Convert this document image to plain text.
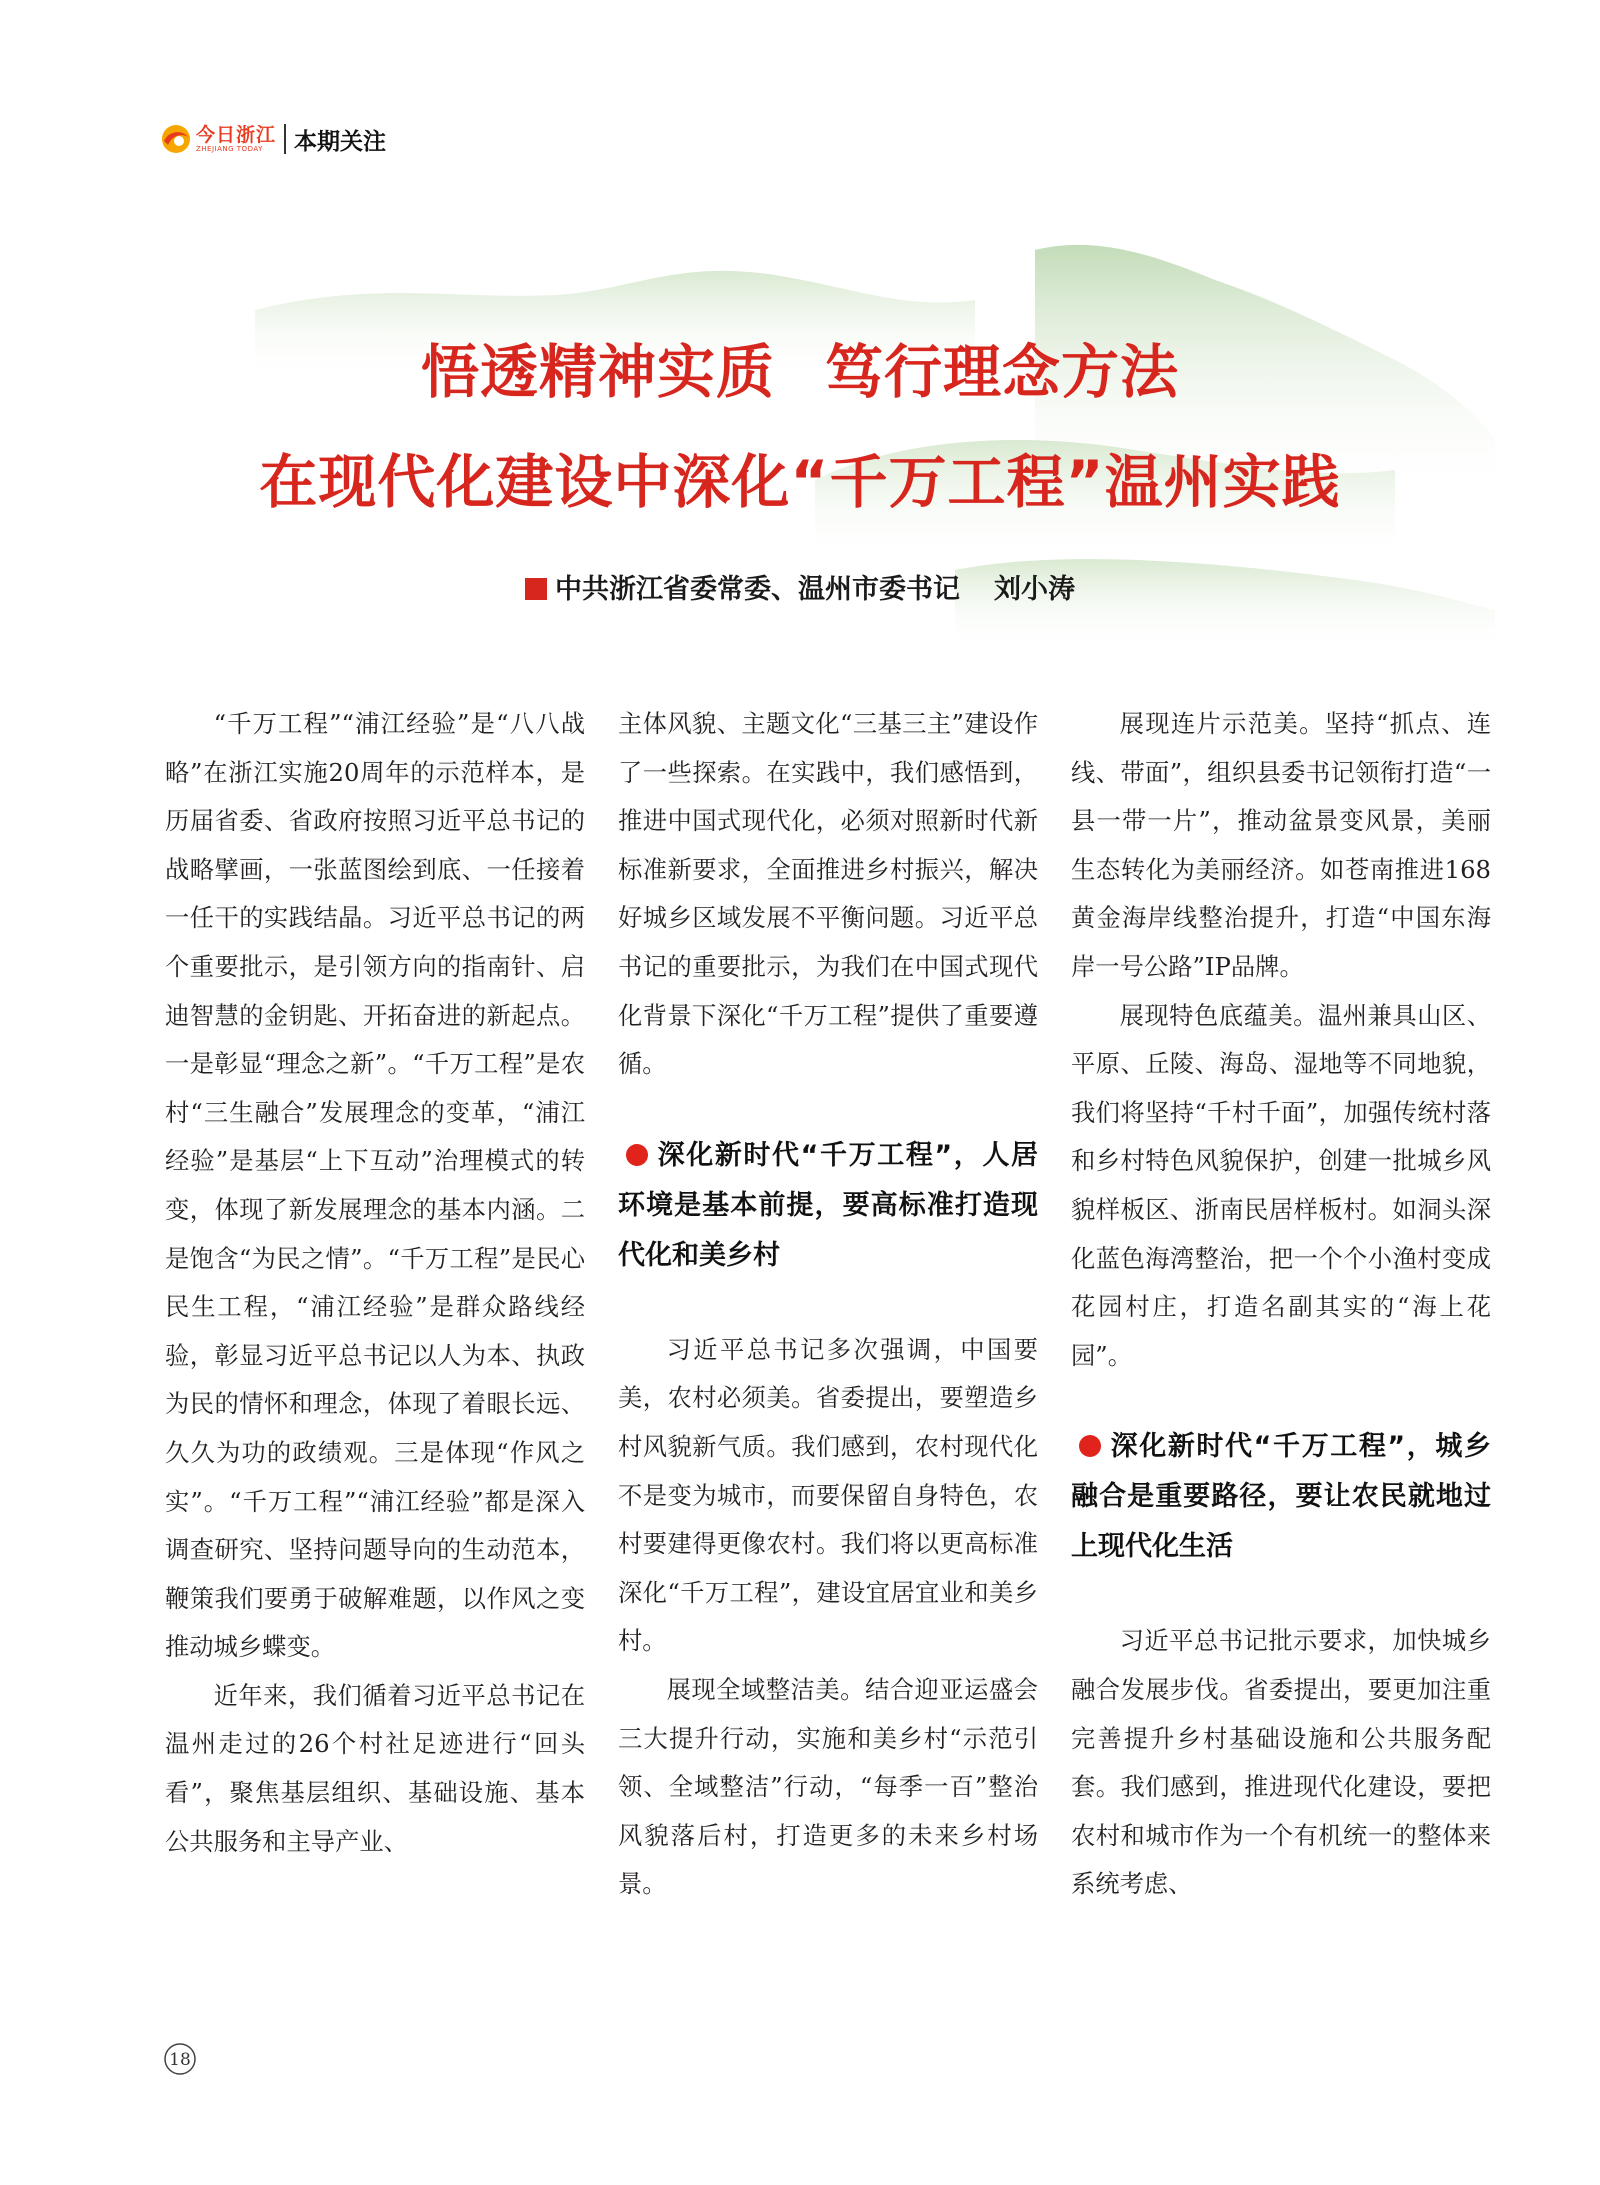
今日浙江
ZHEJIANG TODAY	本期关注
悟透精神实质 笃行理念方法
在现代化建设中深化“千万工程”温州实践
中共浙江省委常委、温州市委书记 刘小涛

“千万工程”“浦江经验”是“八八战略”在浙江实施20周年的示范样本，是历届省委、省政府按照习近平总书记的战略擘画，一张蓝图绘到底、一任接着一任干的实践结晶。习近平总书记的两个重要批示，是引领方向的指南针、启迪智慧的金钥匙、开拓奋进的新起点。一是彰显“理念之新”。“千万工程”是农村“三生融合”发展理念的变革，“浦江经验”是基层“上下互动”治理模式的转变，体现了新发展理念的基本内涵。二是饱含“为民之情”。“千万工程”是民心民生工程，“浦江经验”是群众路线经验，彰显习近平总书记以人为本、执政为民的情怀和理念，体现了着眼长远、久久为功的政绩观。三是体现“作风之实”。“千万工程”“浦江经验”都是深入调查研究、坚持问题导向的生动范本，鞭策我们要勇于破解难题，以作风之变推动城乡蝶变。

近年来，我们循着习近平总书记在温州走过的26个村社足迹进行“回头看”，聚焦基层组织、基础设施、基本公共服务和主导产业、

主体风貌、主题文化“三基三主”建设作了一些探索。在实践中，我们感悟到，推进中国式现代化，必须对照新时代新标准新要求，全面推进乡村振兴，解决好城乡区域发展不平衡问题。习近平总书记的重要批示，为我们在中国式现代化背景下深化“千万工程”提供了重要遵循。

深化新时代“千万工程”，人居环境是基本前提，要高标准打造现代化和美乡村

习近平总书记多次强调，中国要美，农村必须美。省委提出，要塑造乡村风貌新气质。我们感到，农村现代化不是变为城市，而要保留自身特色，农村要建得更像农村。我们将以更高标准深化“千万工程”，建设宜居宜业和美乡村。

展现全域整洁美。结合迎亚运盛会三大提升行动，实施和美乡村“示范引领、全域整洁”行动，“每季一百”整治风貌落后村，打造更多的未来乡村场景。

展现连片示范美。坚持“抓点、连线、带面”，组织县委书记领衔打造“一县一带一片”，推动盆景变风景，美丽生态转化为美丽经济。如苍南推进168黄金海岸线整治提升，打造“中国东海岸一号公路”IP品牌。

展现特色底蕴美。温州兼具山区、平原、丘陵、海岛、湿地等不同地貌，我们将坚持“千村千面”，加强传统村落和乡村特色风貌保护，创建一批城乡风貌样板区、浙南民居样板村。如洞头深化蓝色海湾整治，把一个个小渔村变成花园村庄，打造名副其实的“海上花园”。

深化新时代“千万工程”，城乡融合是重要路径，要让农民就地过上现代化生活

习近平总书记批示要求，加快城乡融合发展步伐。省委提出，要更加注重完善提升乡村基础设施和公共服务配套。我们感到，推进现代化建设，要把农村和城市作为一个有机统一的整体来系统考虑、

18
